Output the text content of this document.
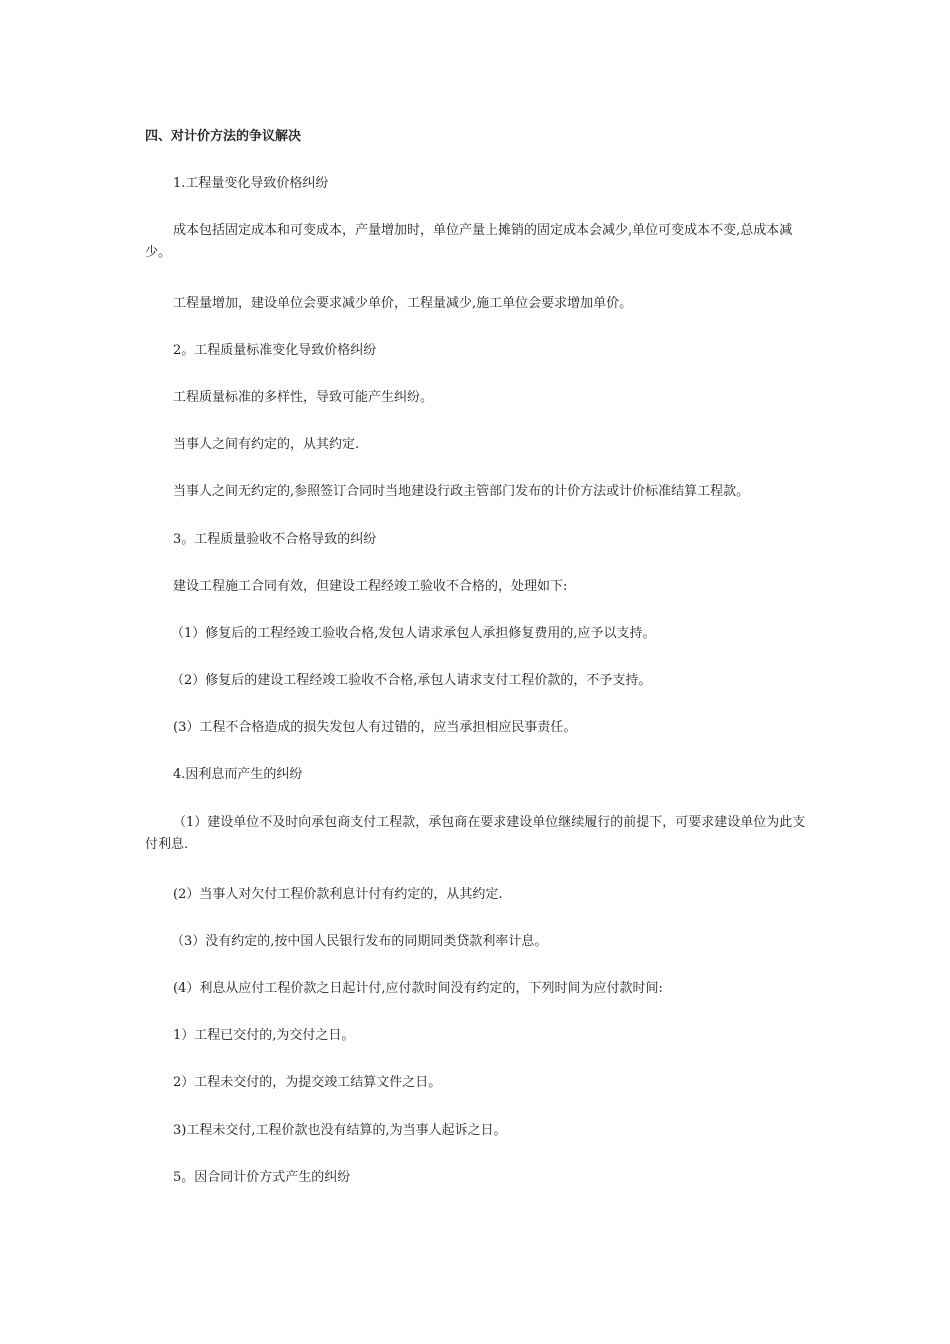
四、对计价方法的争议解决
1.工程量变化导致价格纠纷
成本包括固定成本和可变成本，产量增加时，单位产量上摊销的固定成本会减少,单位可变成本不变,总成本减少。
工程量增加，建设单位会要求减少单价，工程量减少,施工单位会要求增加单价。
2。工程质量标准变化导致价格纠纷
工程质量标准的多样性，导致可能产生纠纷。
当事人之间有约定的，从其约定.
当事人之间无约定的,参照签订合同时当地建设行政主管部门发布的计价方法或计价标准结算工程款。
3。工程质量验收不合格导致的纠纷
建设工程施工合同有效，但建设工程经竣工验收不合格的，处理如下:
（1）修复后的工程经竣工验收合格,发包人请求承包人承担修复费用的,应予以支持。
（2）修复后的建设工程经竣工验收不合格,承包人请求支付工程价款的，不予支持。
(3）工程不合格造成的损失发包人有过错的，应当承担相应民事责任。
4.因利息而产生的纠纷
（1）建设单位不及时向承包商支付工程款，承包商在要求建设单位继续履行的前提下，可要求建设单位为此支付利息.
(2）当事人对欠付工程价款利息计付有约定的，从其约定.
（3）没有约定的,按中国人民银行发布的同期同类贷款利率计息。
(4）利息从应付工程价款之日起计付,应付款时间没有约定的，下列时间为应付款时间:
1）工程已交付的,为交付之日。
2）工程未交付的，为提交竣工结算文件之日。
3)工程未交付,工程价款也没有结算的,为当事人起诉之日。
5。因合同计价方式产生的纠纷
